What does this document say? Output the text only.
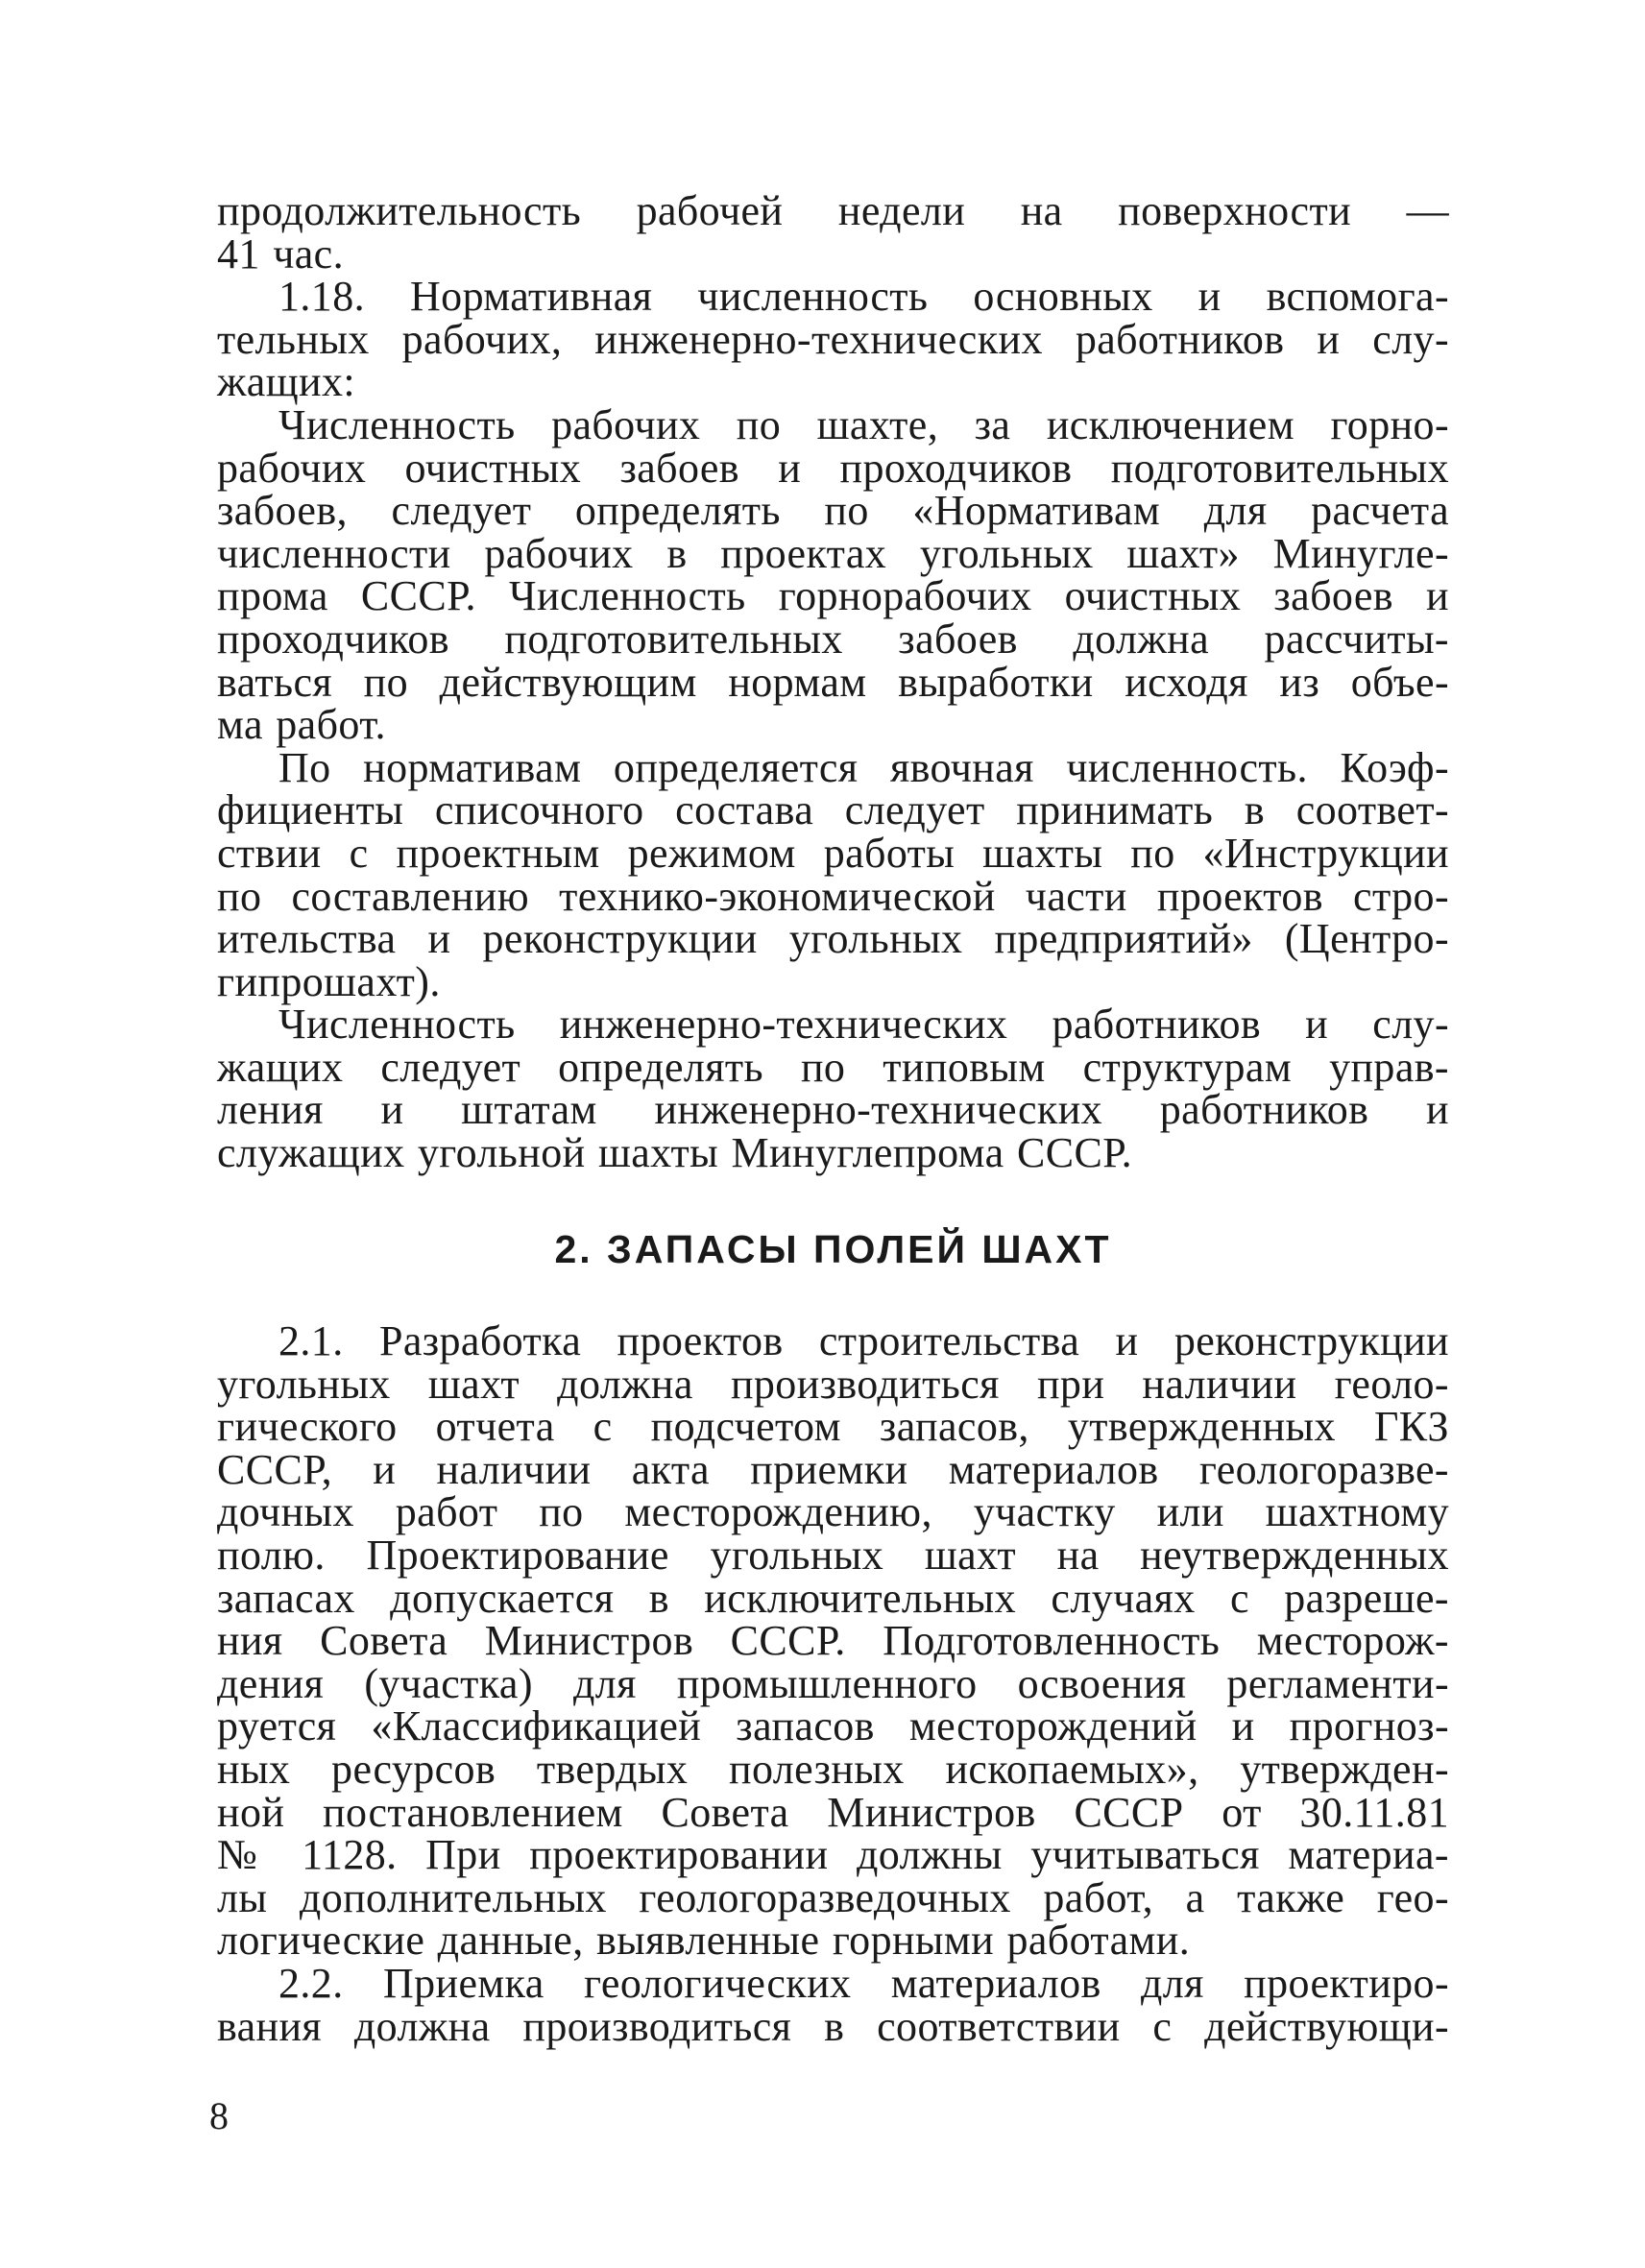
продолжительность рабочей недели на поверхности —
41 час.
1.18. Нормативная численность основных и вспомога-
тельных рабочих, инженерно-технических работников и слу-
жащих:
Численность рабочих по шахте, за исключением горно-
рабочих очистных забоев и проходчиков подготовительных
забоев, следует определять по «Нормативам для расчета
численности рабочих в проектах угольных шахт» Минугле-
прома СССР. Численность горнорабочих очистных забоев и
проходчиков подготовительных забоев должна рассчиты-
ваться по действующим нормам выработки исходя из объе-
ма работ.
По нормативам определяется явочная численность. Коэф-
фициенты списочного состава следует принимать в соответ-
ствии с проектным режимом работы шахты по «Инструкции
по составлению технико-экономической части проектов стро-
ительства и реконструкции угольных предприятий» (Центро-
гипрошахт).
Численность инженерно-технических работников и слу-
жащих следует определять по типовым структурам управ-
ления и штатам инженерно-технических работников и
служащих угольной шахты Минуглепрома СССР.
2. ЗАПАСЫ ПОЛЕЙ ШАХТ
2.1. Разработка проектов строительства и реконструкции
угольных шахт должна производиться при наличии геоло-
гического отчета с подсчетом запасов, утвержденных ГКЗ
СССР, и наличии акта приемки материалов геологоразве-
дочных работ по месторождению, участку или шахтному
полю. Проектирование угольных шахт на неутвержденных
запасах допускается в исключительных случаях с разреше-
ния Совета Министров СССР. Подготовленность месторож-
дения (участка) для промышленного освоения регламенти-
руется «Классификацией запасов месторождений и прогноз-
ных ресурсов твердых полезных ископаемых», утвержден-
ной постановлением Совета Министров СССР от 30.11.81
№ 1128. При проектировании должны учитываться материа-
лы дополнительных геологоразведочных работ, а также гео-
логические данные, выявленные горными работами.
2.2. Приемка геологических материалов для проектиро-
вания должна производиться в соответствии с действующи-
8
